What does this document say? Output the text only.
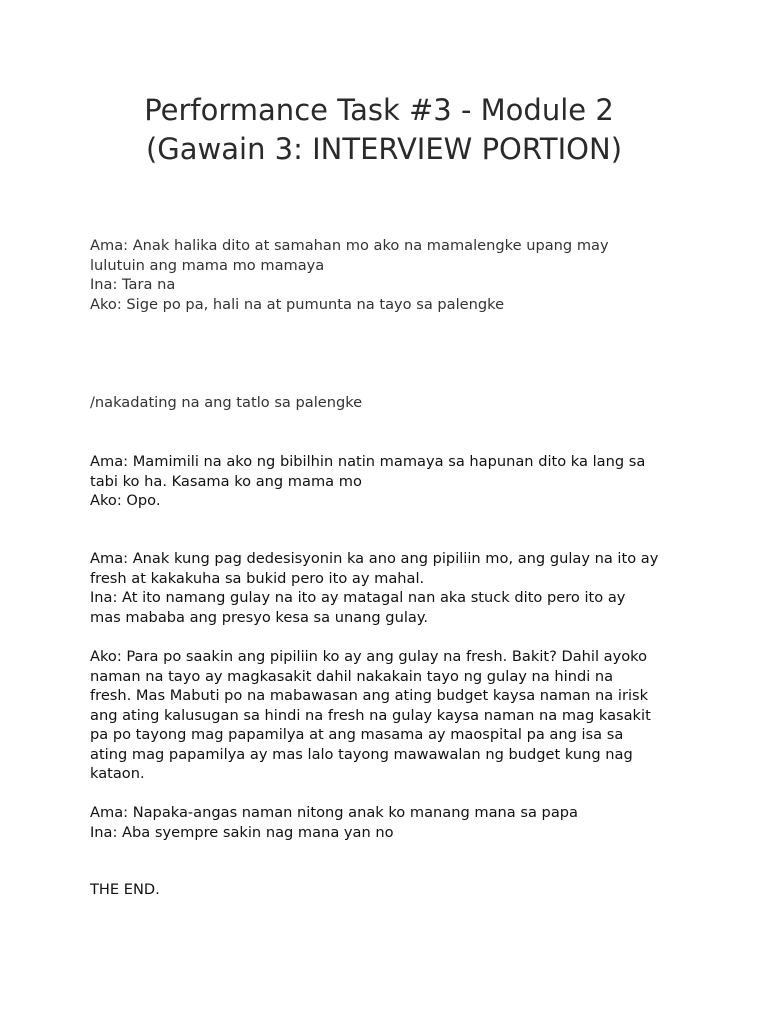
Performance Task #3 - Module 2
(Gawain 3: INTERVIEW PORTION)

Ama: Anak halika dito at samahan mo ako na mamalengke upang may
lulutuin ang mama mo mamaya

Ina: Tara na

Ako: Sige po pa, hali na at pumunta na tayo sa palengke

/nakadating na ang tatlo sa palengke

Ama: Mamimili na ako ng bibilhin natin mamaya sa hapunan dito ka lang sa
tabi ko ha. Kasama ko ang mama mo

Ako: Opo.

Ama: Anak kung pag dedesisyonin ka ano ang pipiliin mo, ang gulay na ito ay
fresh at kakakuha sa bukid pero ito ay mahal.

Ina: At ito namang gulay na ito ay matagal nan aka stuck dito pero ito ay
mas mababa ang presyo kesa sa unang gulay.

Ako: Para po saakin ang pipiliin ko ay ang gulay na fresh. Bakit? Dahil ayoko
naman na tayo ay magkasakit dahil nakakain tayo ng gulay na hindi na
fresh. Mas Mabuti po na mabawasan ang ating budget kaysa naman na irisk
ang ating kalusugan sa hindi na fresh na gulay kaysa naman na mag kasakit
pa po tayong mag papamilya at ang masama ay maospital pa ang isa sa
ating mag papamilya ay mas lalo tayong mawawalan ng budget kung nag
kataon.

Ama: Napaka-angas naman nitong anak ko manang mana sa papa

Ina: Aba syempre sakin nag mana yan no

THE END.
